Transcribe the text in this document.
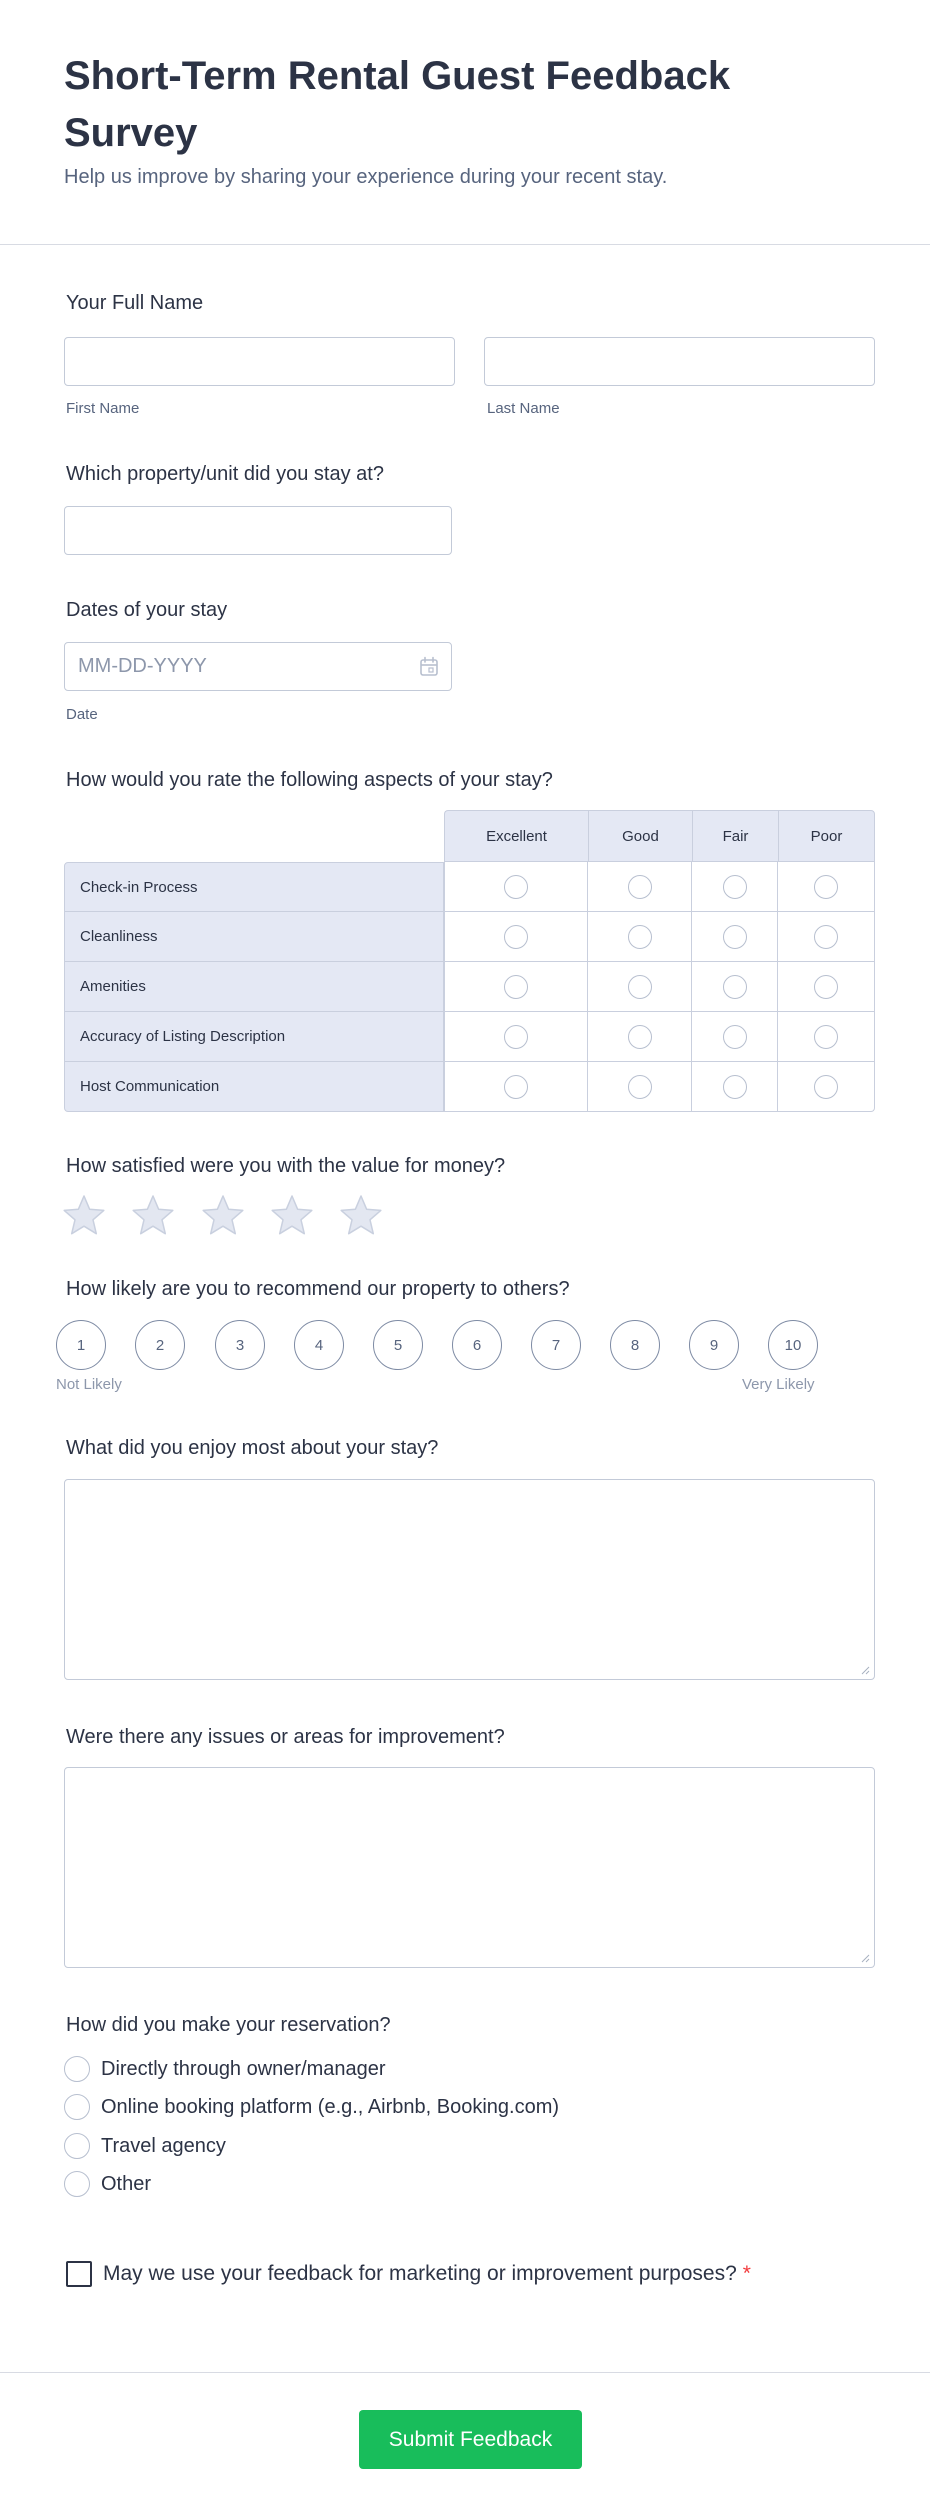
Short-Term Rental Guest Feedback Survey

Help us improve by sharing your experience during your recent stay.

Your Full Name
First Name	Last Name
Which property/unit did you stay at?
Dates of your stay
MM-DD-YYYY
Date
How would you rate the following aspects of your stay?
Excellent	Good	Fair	Poor
Check-in Process
Cleanliness
Amenities
Accuracy of Listing Description
Host Communication
How satisfied were you with the value for money?
How likely are you to recommend our property to others?
1	2	3	4	5	6	7	8	9	10
Not Likely	Very Likely
What did you enjoy most about your stay?
Were there any issues or areas for improvement?
How did you make your reservation?
Directly through owner/manager
Online booking platform (e.g., Airbnb, Booking.com)
Travel agency
Other
May we use your feedback for marketing or improvement purposes? *
Submit Feedback
